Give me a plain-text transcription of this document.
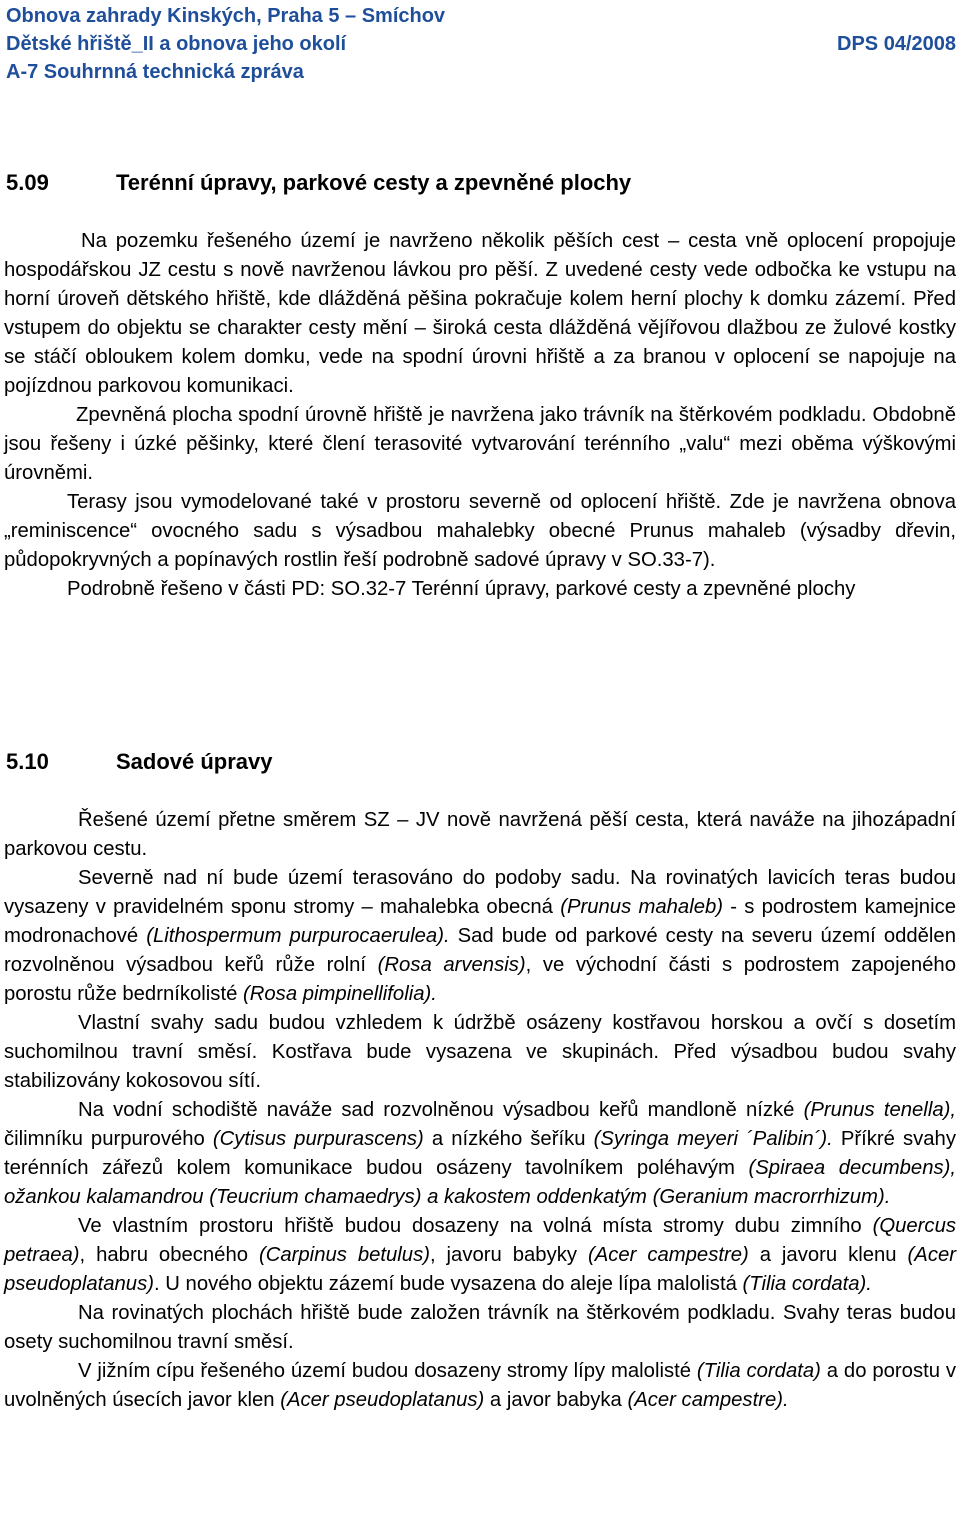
Obnova zahrady Kinských, Praha 5 – Smíchov
Dětské hřiště_II a obnova jeho okolí	DPS 04/2008
A-7 Souhrnná technická zpráva
5.09	Terénní úpravy, parkové cesty a zpevněné plochy

Na pozemku řešeného území je navrženo několik pěších cest – cesta vně oplocení propojuje hospodářskou JZ cestu s nově navrženou lávkou pro pěší. Z uvedené cesty vede odbočka ke vstupu na horní úroveň dětského hřiště, kde dlážděná pěšina pokračuje kolem herní plochy k domku zázemí. Před vstupem do objektu se charakter cesty mění – široká cesta dlážděná vějířovou dlažbou ze žulové kostky se stáčí obloukem kolem domku, vede na spodní úrovni hřiště a za branou v oplocení se napojuje na pojízdnou parkovou komunikaci.

Zpevněná plocha spodní úrovně hřiště je navržena jako trávník na štěrkovém podkladu. Obdobně jsou řešeny i úzké pěšinky, které člení terasovité vytvarování terénního „valu“ mezi oběma výškovými úrovněmi.

Terasy jsou vymodelované také v prostoru severně od oplocení hřiště. Zde je navržena obnova „reminiscence“ ovocného sadu s výsadbou mahalebky obecné Prunus mahaleb (výsadby dřevin, půdopokryvných a popínavých rostlin řeší podrobně sadové úpravy v SO.33-7).

Podrobně řešeno v části PD: SO.32-7 Terénní úpravy, parkové cesty a zpevněné plochy

5.10	Sadové úpravy

Řešené území přetne směrem SZ – JV nově navržená pěší cesta, která naváže na jihozápadní parkovou cestu.

Severně nad ní bude území terasováno do podoby sadu. Na rovinatých lavicích teras budou vysazeny v pravidelném sponu stromy – mahalebka obecná (Prunus mahaleb) - s podrostem kamejnice modronachové (Lithospermum purpurocaerulea). Sad bude od parkové cesty na severu území oddělen rozvolněnou výsadbou keřů růže rolní (Rosa arvensis), ve východní části s podrostem zapojeného porostu růže bedrníkolisté (Rosa pimpinellifolia).

Vlastní svahy sadu budou vzhledem k údržbě osázeny kostřavou horskou a ovčí s dosetím suchomilnou travní směsí. Kostřava bude vysazena ve skupinách. Před výsadbou budou svahy stabilizovány kokosovou sítí.

Na vodní schodiště naváže sad rozvolněnou výsadbou keřů mandloně nízké (Prunus tenella), čilimníku purpurového (Cytisus purpurascens) a nízkého šeříku (Syringa meyeri ´Palibin´). Příkré svahy terénních zářezů kolem komunikace budou osázeny tavolníkem poléhavým (Spiraea decumbens), ožankou kalamandrou (Teucrium chamaedrys) a kakostem oddenkatým (Geranium macrorrhizum).

Ve vlastním prostoru hřiště budou dosazeny na volná místa stromy dubu zimního (Quercus petraea), habru obecného (Carpinus betulus), javoru babyky (Acer campestre) a javoru klenu (Acer pseudoplatanus). U nového objektu zázemí bude vysazena do aleje lípa malolistá (Tilia cordata).

Na rovinatých plochách hřiště bude založen trávník na štěrkovém podkladu. Svahy teras budou osety suchomilnou travní směsí.

V jižním cípu řešeného území budou dosazeny stromy lípy malolisté (Tilia cordata) a do porostu v uvolněných úsecích javor klen (Acer pseudoplatanus) a javor babyka (Acer campestre).
